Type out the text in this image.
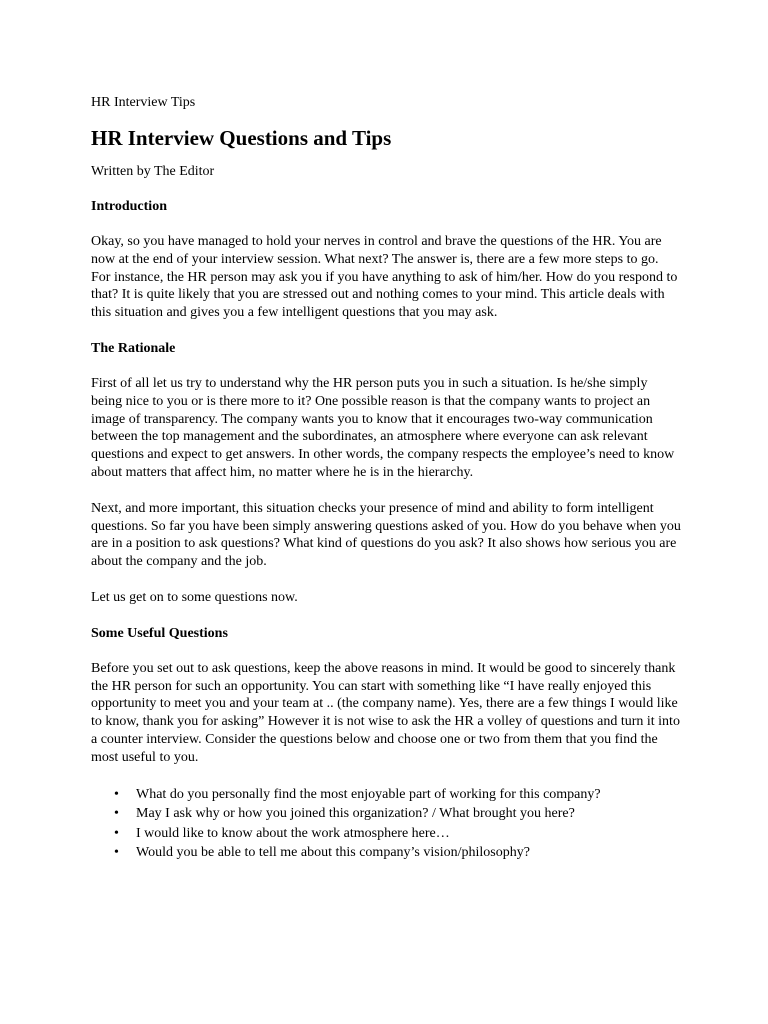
HR Interview Tips
HR Interview Questions and Tips
Written by The Editor
Introduction

Okay, so you have managed to hold your nerves in control and brave the questions of the HR. You are now at the end of your interview session. What next? The answer is, there are a few more steps to go. For instance, the HR person may ask you if you have anything to ask of him/her. How do you respond to that? It is quite likely that you are stressed out and nothing comes to your mind. This article deals with this situation and gives you a few intelligent questions that you may ask.

The Rationale

First of all let us try to understand why the HR person puts you in such a situation. Is he/she simply being nice to you or is there more to it? One possible reason is that the company wants to project an image of transparency. The company wants you to know that it encourages two-way communication between the top management and the subordinates, an atmosphere where everyone can ask relevant questions and expect to get answers. In other words, the company respects the employee’s need to know about matters that affect him, no matter where he is in the hierarchy.

Next, and more important, this situation checks your presence of mind and ability to form intelligent questions. So far you have been simply answering questions asked of you. How do you behave when you are in a position to ask questions? What kind of questions do you ask? It also shows how serious you are about the company and the job.

Let us get on to some questions now.

Some Useful Questions

Before you set out to ask questions, keep the above reasons in mind. It would be good to sincerely thank the HR person for such an opportunity. You can start with something like “I have really enjoyed this opportunity to meet you and your team at .. (the company name). Yes, there are a few things I would like to know, thank you for asking” However it is not wise to ask the HR a volley of questions and turn it into a counter interview. Consider the questions below and choose one or two from them that you find the most useful to you.

• What do you personally find the most enjoyable part of working for this company?
• May I ask why or how you joined this organization? / What brought you here?
• I would like to know about the work atmosphere here…
• Would you be able to tell me about this company’s vision/philosophy?
